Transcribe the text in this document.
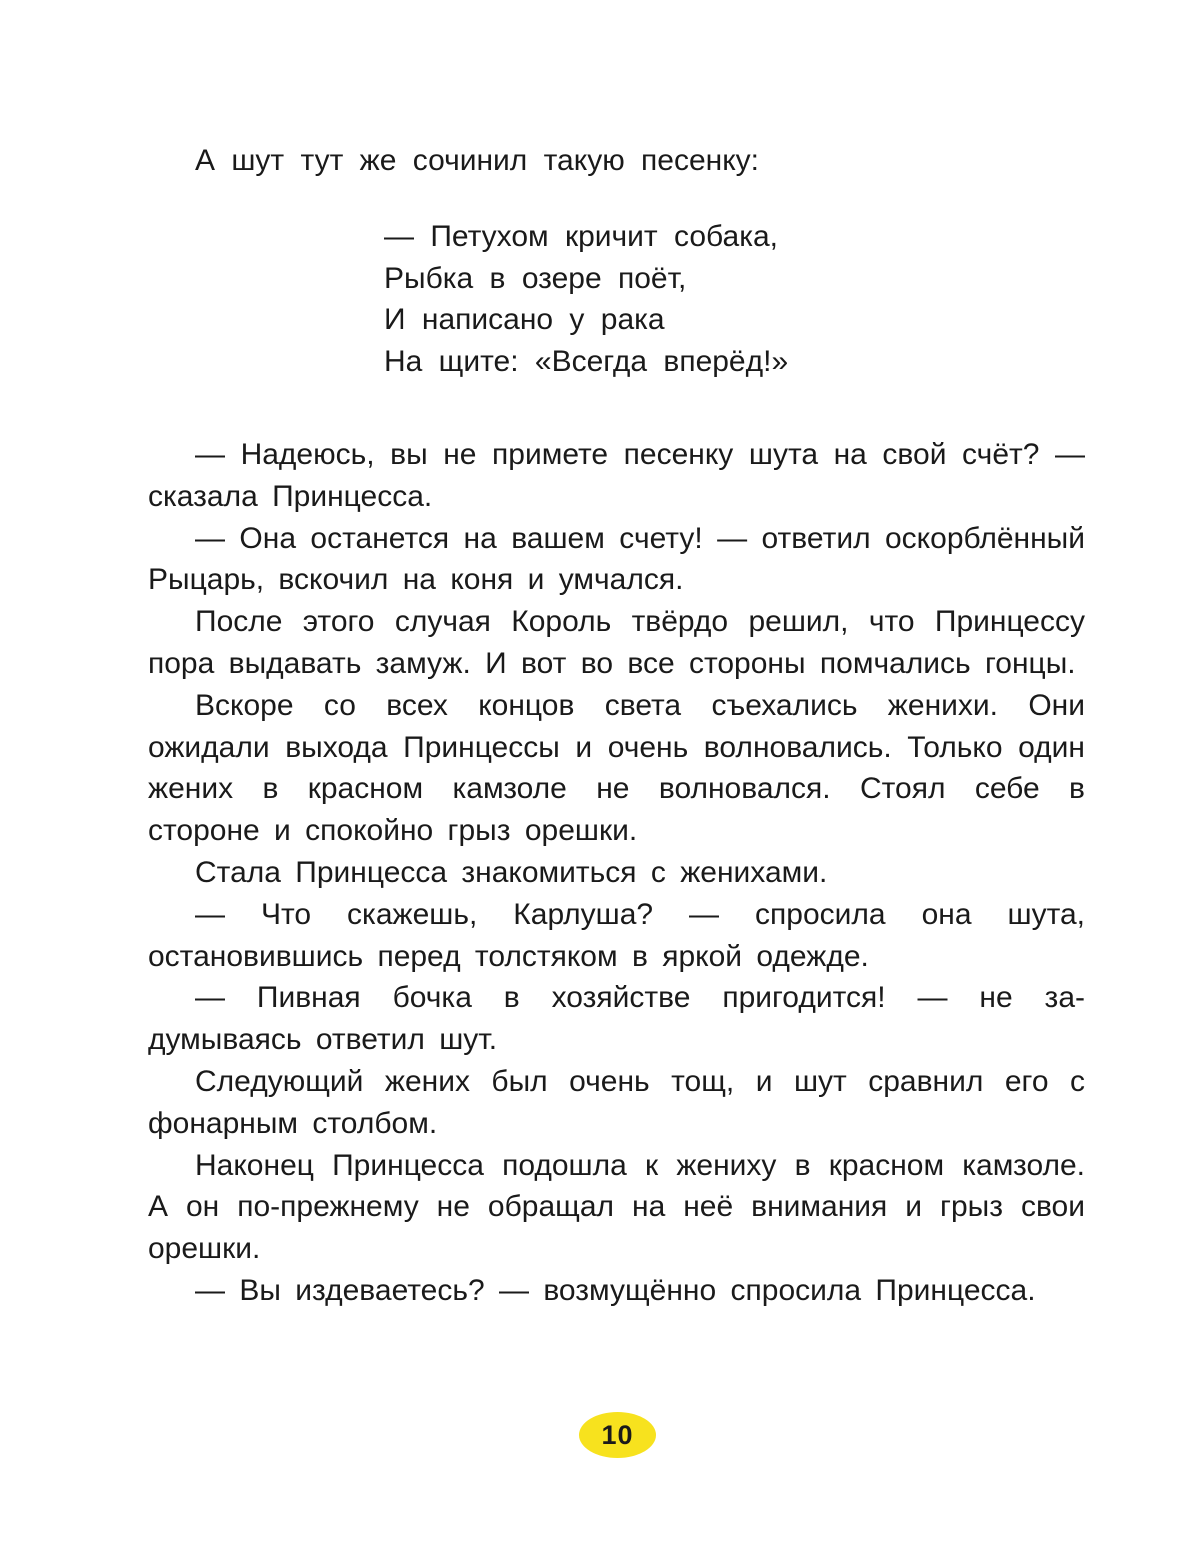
А шут тут же сочинил такую песенку:

— Петухом кричит собака,
Рыбка в озере поёт,
И написано у рака
На щите: «Всегда вперёд!»

— Надеюсь, вы не примете песенку шута на свой счёт? — сказала Принцесса.

— Она останется на вашем счету! — ответил оскорблённый Рыцарь, вскочил на коня и умчался.

После этого случая Король твёрдо решил, что Принцессу пора выдавать замуж. И вот во все стороны помчались гонцы.

Вскоре со всех концов света съехались женихи. Они ожидали выхода Принцессы и очень волновались. Только один жених в красном камзоле не волновался. Стоял себе в стороне и спокойно грыз орешки.

Стала Принцесса знакомиться с женихами.

— Что скажешь, Карлуша? — спросила она шута, остановившись перед толстяком в яркой одежде.

— Пивная бочка в хозяйстве пригодится! — не задумываясь ответил шут.

Следующий жених был очень тощ, и шут сравнил его с фонарным столбом.

Наконец Принцесса подошла к жениху в красном камзоле. А он по-прежнему не обращал на неё внимания и грыз свои орешки.

— Вы издеваетесь? — возмущённо спросила Принцесса.

10
